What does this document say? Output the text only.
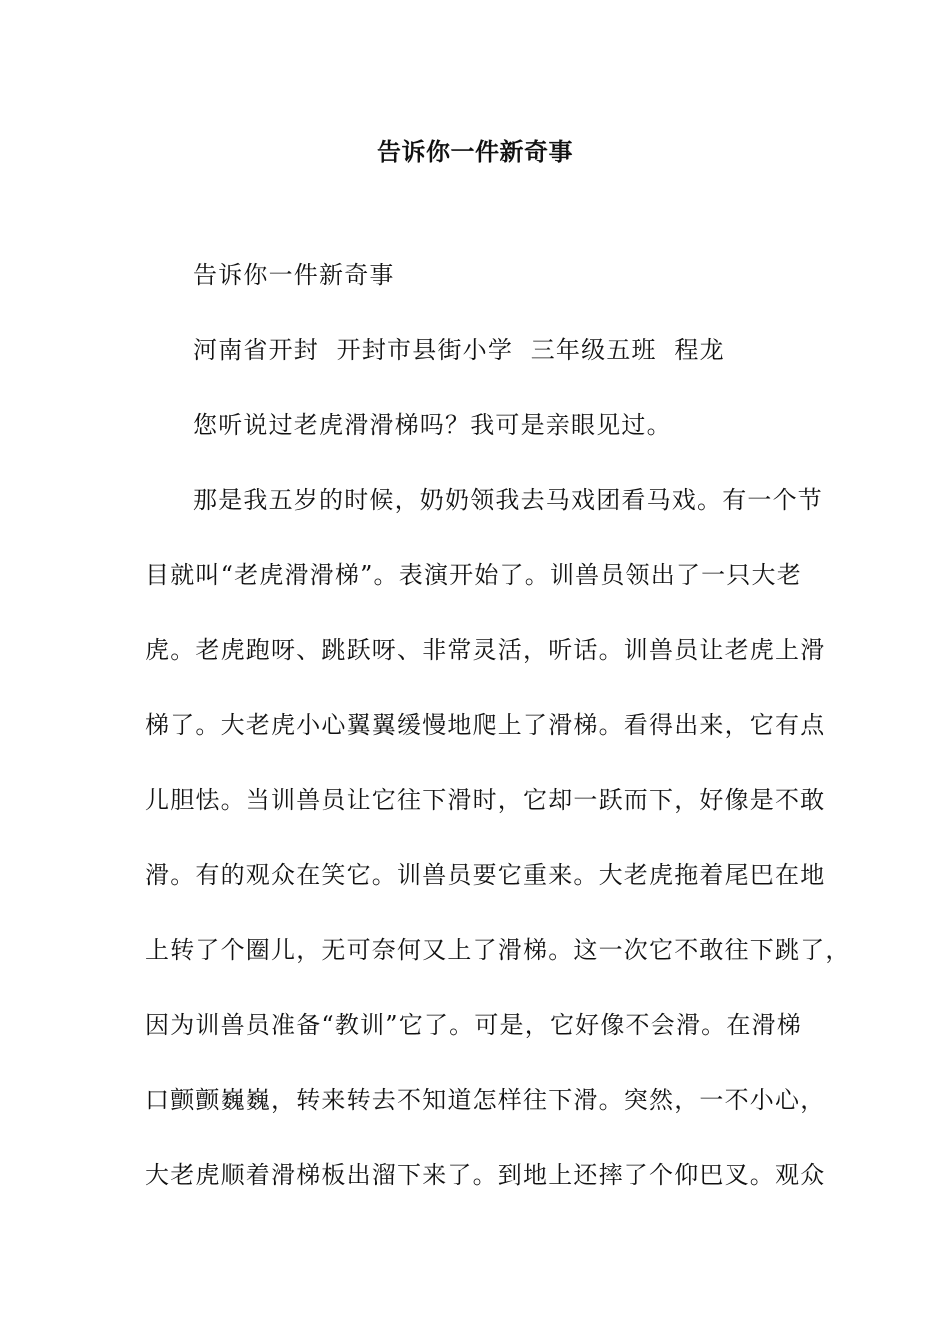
告诉你一件新奇事
告诉你一件新奇事
河南省开封  开封市县街小学  三年级五班  程龙
您听说过老虎滑滑梯吗？我可是亲眼见过。
那是我五岁的时候，奶奶领我去马戏团看马戏。有一个节
目就叫“老虎滑滑梯”。表演开始了。训兽员领出了一只大老
虎。老虎跑呀、跳跃呀、非常灵活，听话。训兽员让老虎上滑
梯了。大老虎小心翼翼缓慢地爬上了滑梯。看得出来，它有点
儿胆怯。当训兽员让它往下滑时，它却一跃而下，好像是不敢
滑。有的观众在笑它。训兽员要它重来。大老虎拖着尾巴在地
上转了个圈儿，无可奈何又上了滑梯。这一次它不敢往下跳了，
因为训兽员准备“教训”它了。可是，它好像不会滑。在滑梯
口颤颤巍巍，转来转去不知道怎样往下滑。突然，一不小心，
大老虎顺着滑梯板出溜下来了。到地上还摔了个仰巴叉。观众
